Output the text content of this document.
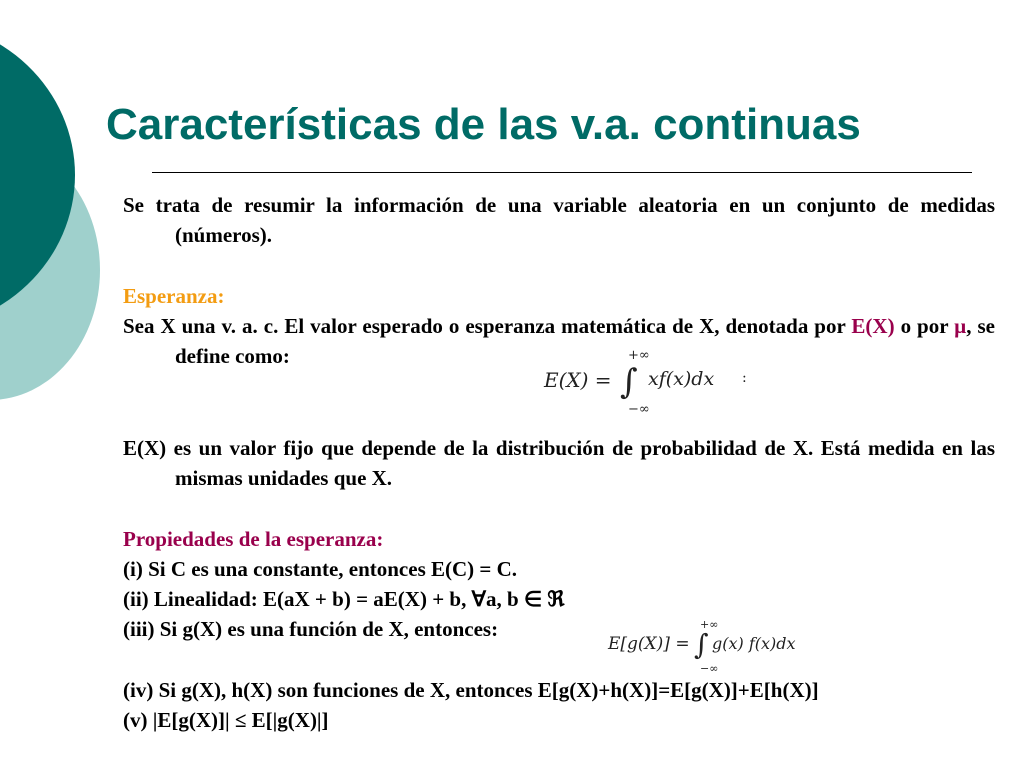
Características de las v.a. continuas

Se trata de resumir la información de una variable aleatoria en un conjunto de medidas (números).

Esperanza:

Sea X una v. a. c. El valor esperado o esperanza matemática de X, denotada por E(X) o por µ, se define como:

E(X) es un valor fijo que depende de la distribución de probabilidad de X. Está medida en las mismas unidades que X.

Propiedades de la esperanza:

(i) Si C es una constante, entonces E(C) = C.

(ii) Linealidad: E(aX + b) = aE(X) + b, ∀a, b ∈ ℜ

(iii) Si g(X) es una función de X, entonces:

(iv) Si g(X), h(X) son funciones de X, entonces E[g(X)+h(X)]=E[g(X)]+E[h(X)]

(v) |E[g(X)]| ≤ E[|g(X)|]

E(X) =
+∞
∫
−∞
xf(x)dx :
E[g(X)] =
+∞
∫
−∞
g(x) f(x)dx
